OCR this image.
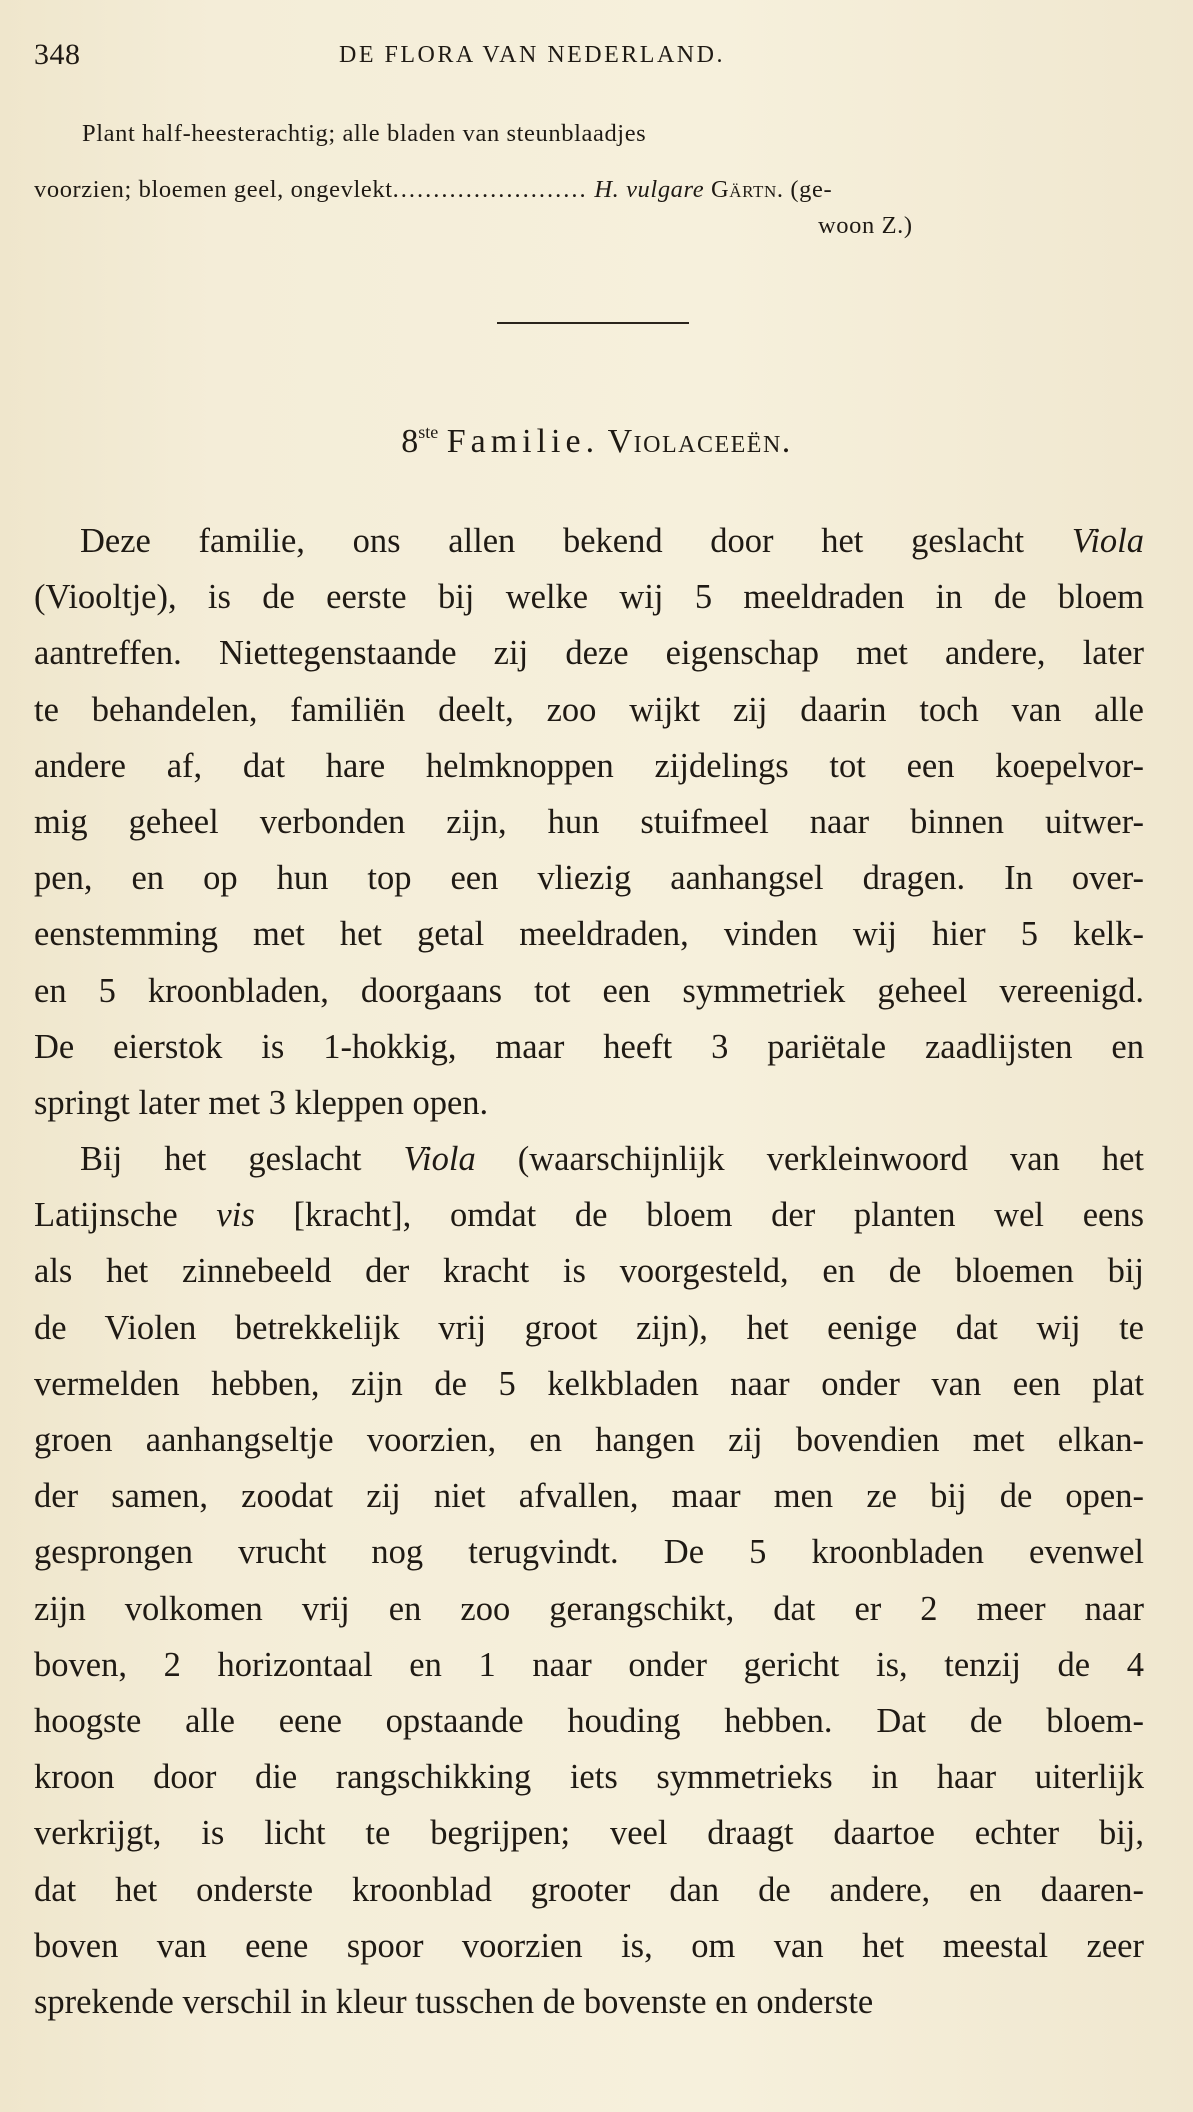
348	DE FLORA VAN NEDERLAND.
Plant half-heesterachtig; alle bladen van steunblaadjes
voorzien; bloemen geel, ongevlekt........................ H. vulgare Gärtn. (ge-
woon Z.)
8ste Familie. Violaceeën.
Deze familie, ons allen bekend door het geslacht Viola
(Viooltje), is de eerste bij welke wij 5 meeldraden in de bloem
aantreffen. Niettegenstaande zij deze eigenschap met andere, later
te behandelen, familiën deelt, zoo wijkt zij daarin toch van alle
andere af, dat hare helmknoppen zijdelings tot een koepelvor-
mig geheel verbonden zijn, hun stuifmeel naar binnen uitwer-
pen, en op hun top een vliezig aanhangsel dragen. In over-
eenstemming met het getal meeldraden, vinden wij hier 5 kelk-
en 5 kroonbladen, doorgaans tot een symmetriek geheel vereenigd.
De eierstok is 1-hokkig, maar heeft 3 pariëtale zaadlijsten en
springt later met 3 kleppen open.
Bij het geslacht Viola (waarschijnlijk verkleinwoord van het
Latijnsche vis [kracht], omdat de bloem der planten wel eens
als het zinnebeeld der kracht is voorgesteld, en de bloemen bij
de Violen betrekkelijk vrij groot zijn), het eenige dat wij te
vermelden hebben, zijn de 5 kelkbladen naar onder van een plat
groen aanhangseltje voorzien, en hangen zij bovendien met elkan-
der samen, zoodat zij niet afvallen, maar men ze bij de open-
gesprongen vrucht nog terugvindt. De 5 kroonbladen evenwel
zijn volkomen vrij en zoo gerangschikt, dat er 2 meer naar
boven, 2 horizontaal en 1 naar onder gericht is, tenzij de 4
hoogste alle eene opstaande houding hebben. Dat de bloem-
kroon door die rangschikking iets symmetrieks in haar uiterlijk
verkrijgt, is licht te begrijpen; veel draagt daartoe echter bij,
dat het onderste kroonblad grooter dan de andere, en daaren-
boven van eene spoor voorzien is, om van het meestal zeer
sprekende verschil in kleur tusschen de bovenste en onderste
